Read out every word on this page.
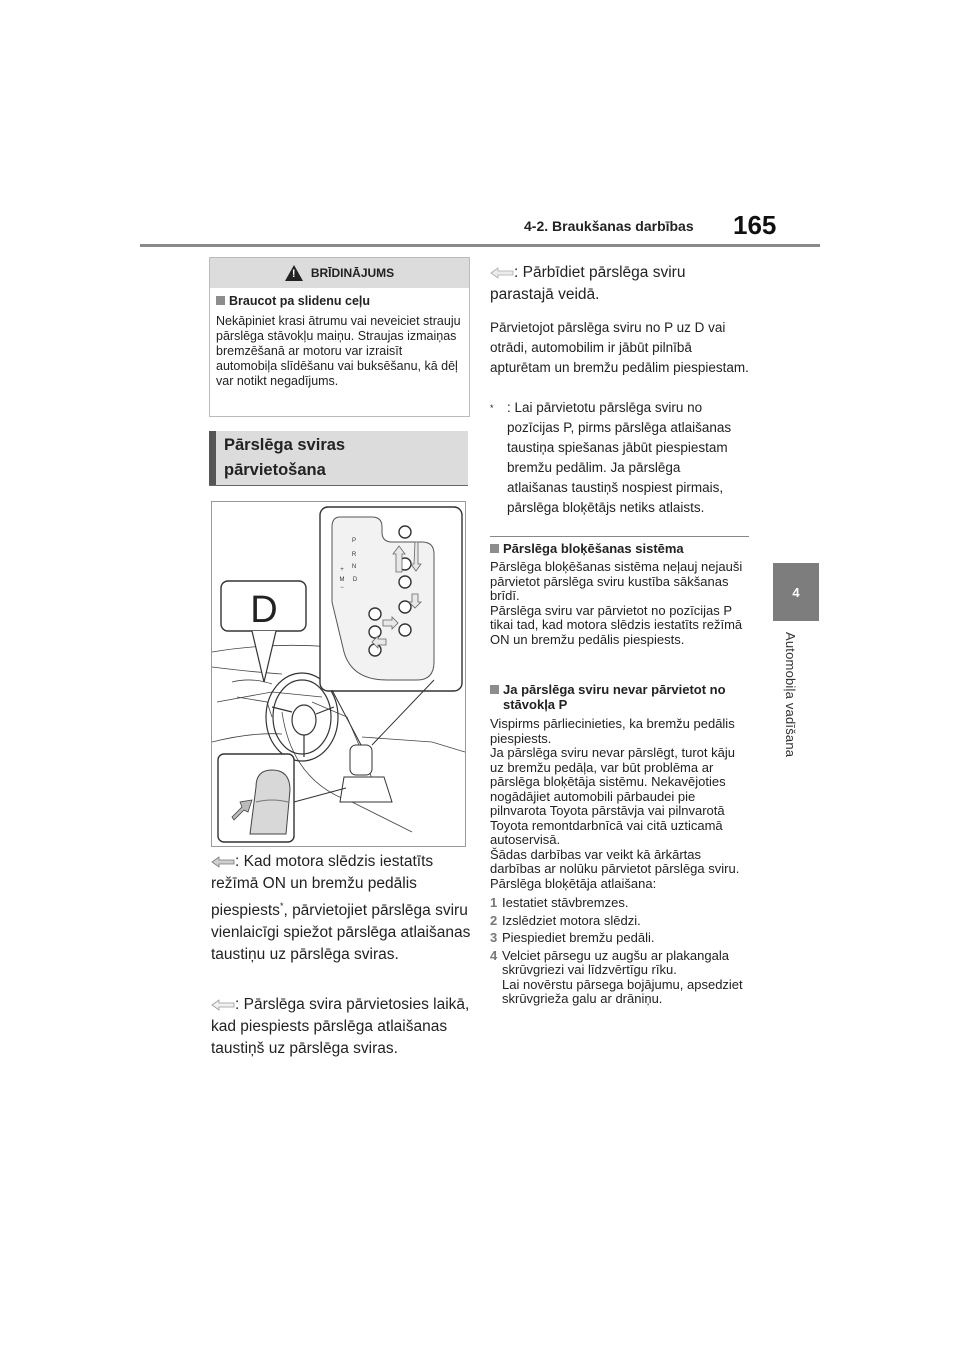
4-2. Braukšanas darbības 165
4
Automobiļa vadīšana
! BRĪDINĀJUMS
Braucot pa slidenu ceļu
Nekāpiniet krasi ātrumu vai neveiciet strauju pārslēga stāvokļu maiņu. Straujas izmaiņas bremzēšanā ar motoru var izraisīt automobiļa slīdēšanu vai buksēšanu, kā dēļ var notikt negadījums.
Pārslēga sviras
pārvietošana
D
P
R
N
D
+
M
−
: Kad motora slēdzis iestatīts režīmā ON un bremžu pedālis piespiests*, pārvietojiet pārslēga sviru vienlaicīgi spiežot pārslēga atlaišanas taustiņu uz pārslēga sviras.
: Pārslēga svira pārvietosies laikā, kad piespiests pārslēga atlaišanas taustiņš uz pārslēga sviras.
: Pārbīdiet pārslēga sviru parastajā veidā.
Pārvietojot pārslēga sviru no P uz D vai otrādi, automobilim ir jābūt pilnībā apturētam un bremžu pedālim piespiestam.
* : Lai pārvietotu pārslēga sviru no pozīcijas P, pirms pārslēga atlaišanas taustiņa spiešanas jābūt piespiestam bremžu pedālim. Ja pārslēga atlaišanas taustiņš nospiest pirmais, pārslēga bloķētājs netiks atlaists.
Pārslēga bloķēšanas sistēma
Pārslēga bloķēšanas sistēma neļauj nejauši pārvietot pārslēga sviru kustība sākšanas brīdī.
Pārslēga sviru var pārvietot no pozīcijas P tikai tad, kad motora slēdzis iestatīts režīmā ON un bremžu pedālis piespiests.
Ja pārslēga sviru nevar pārvietot no stāvokļa P
Vispirms pārliecinieties, ka bremžu pedālis piespiests.
Ja pārslēga sviru nevar pārslēgt, turot kāju uz bremžu pedāļa, var būt problēma ar pārslēga bloķētāja sistēmu. Nekavējoties nogādājiet automobili pārbaudei pie pilnvarota Toyota pārstāvja vai pilnvarotā Toyota remontdarbnīcā vai citā uzticamā autoservisā.
Šādas darbības var veikt kā ārkārtas darbības ar nolūku pārvietot pārslēga sviru.
Pārslēga bloķētāja atlaišana:
1 Iestatiet stāvbremzes.
2 Izslēdziet motora slēdzi.
3 Piespiediet bremžu pedāli.
4 Velciet pārsegu uz augšu ar plakangala skrūvgriezi vai līdzvērtīgu rīku.
Lai novērstu pārsega bojājumu, apsedziet skrūvgrieža galu ar drāniņu.
